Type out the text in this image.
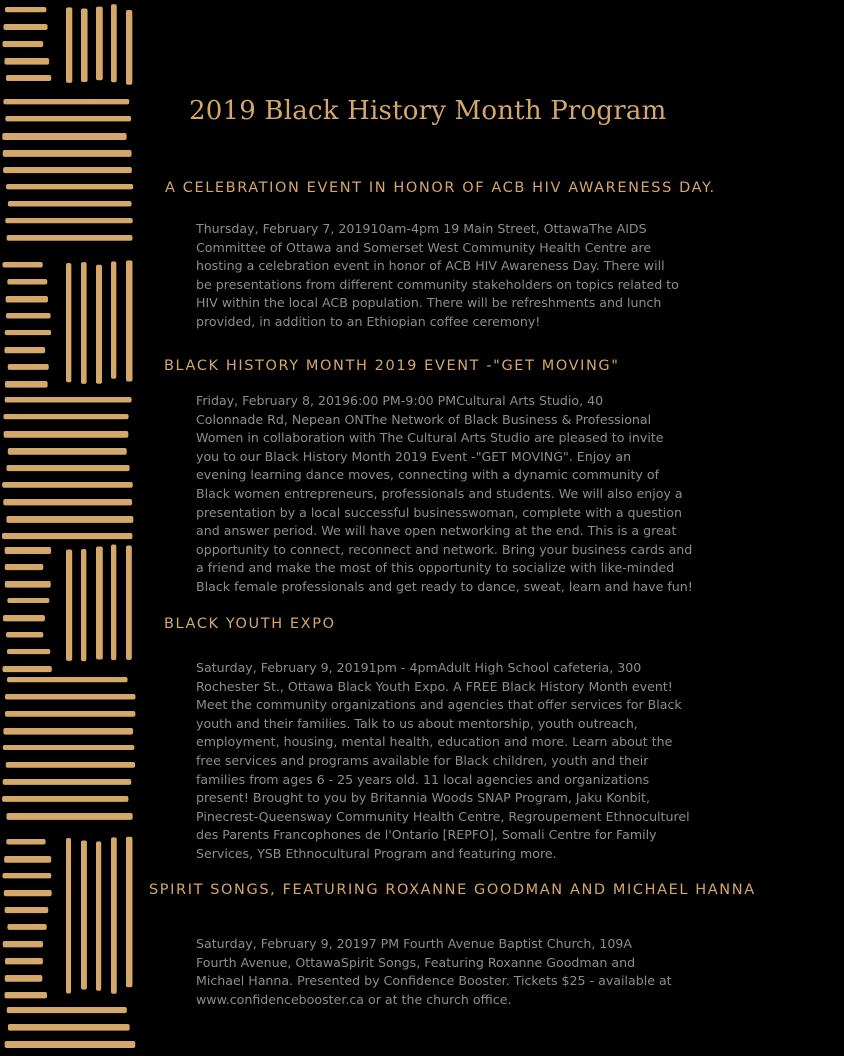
2019 Black History Month Program
A CELEBRATION EVENT IN HONOR OF ACB HIV AWARENESS DAY.

Thursday, February 7, 201910am-4pm 19 Main Street, OttawaThe AIDS
Committee of Ottawa and Somerset West Community Health Centre are
hosting a celebration event in honor of ACB HIV Awareness Day. There will
be presentations from different community stakeholders on topics related to
HIV within the local ACB population. There will be refreshments and lunch
provided, in addition to an Ethiopian coffee ceremony!

BLACK HISTORY MONTH 2019 EVENT -"GET MOVING"

Friday, February 8, 20196:00 PM-9:00 PMCultural Arts Studio, 40
Colonnade Rd, Nepean ONThe Network of Black Business & Professional
Women in collaboration with The Cultural Arts Studio are pleased to invite
you to our Black History Month 2019 Event -"GET MOVING". Enjoy an
evening learning dance moves, connecting with a dynamic community of
Black women entrepreneurs, professionals and students. We will also enjoy a
presentation by a local successful businesswoman, complete with a question
and answer period. We will have open networking at the end. This is a great
opportunity to connect, reconnect and network. Bring your business cards and
a friend and make the most of this opportunity to socialize with like-minded
Black female professionals and get ready to dance, sweat, learn and have fun!

BLACK YOUTH EXPO

Saturday, February 9, 20191pm - 4pmAdult High School cafeteria, 300
Rochester St., Ottawa Black Youth Expo. A FREE Black History Month event!
Meet the community organizations and agencies that offer services for Black
youth and their families. Talk to us about mentorship, youth outreach,
employment, housing, mental health, education and more. Learn about the
free services and programs available for Black children, youth and their
families from ages 6 - 25 years old. 11 local agencies and organizations
present! Brought to you by Britannia Woods SNAP Program, Jaku Konbit,
Pinecrest-Queensway Community Health Centre, Regroupement Ethnoculturel
des Parents Francophones de l'Ontario [REPFO], Somali Centre for Family
Services, YSB Ethnocultural Program and featuring more.

SPIRIT SONGS, FEATURING ROXANNE GOODMAN AND MICHAEL HANNA

Saturday, February 9, 20197 PM Fourth Avenue Baptist Church, 109A
Fourth Avenue, OttawaSpirit Songs, Featuring Roxanne Goodman and
Michael Hanna. Presented by Confidence Booster. Tickets $25 - available at
www.confidencebooster.ca or at the church office.
